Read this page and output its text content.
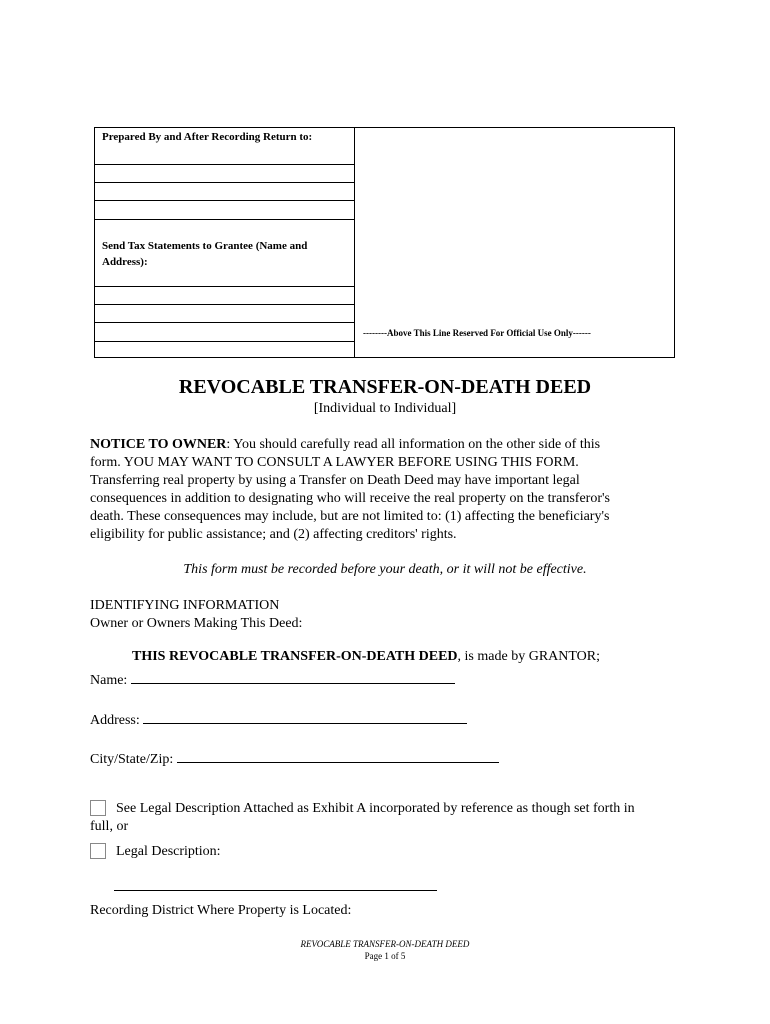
Prepared By and After Recording Return to:
Send Tax Statements to Grantee (Name and
Address):
--------Above This Line Reserved For Official Use Only------
REVOCABLE TRANSFER-ON-DEATH DEED
[Individual to Individual]
NOTICE TO OWNER: You should carefully read all information on the other side of this
form. YOU MAY WANT TO CONSULT A LAWYER BEFORE USING THIS FORM.
Transferring real property by using a Transfer on Death Deed may have important legal
consequences in addition to designating who will receive the real property on the transferor's
death. These consequences may include, but are not limited to: (1) affecting the beneficiary's
eligibility for public assistance; and (2) affecting creditors' rights.
This form must be recorded before your death, or it will not be effective.
IDENTIFYING INFORMATION
Owner or Owners Making This Deed:
THIS REVOCABLE TRANSFER-ON-DEATH DEED, is made by GRANTOR;
Name:
Address:
City/State/Zip:
See Legal Description Attached as Exhibit A incorporated by reference as though set forth in
full, or
Legal Description:
Recording District Where Property is Located:
REVOCABLE TRANSFER-ON-DEATH DEED
Page 1 of 5
